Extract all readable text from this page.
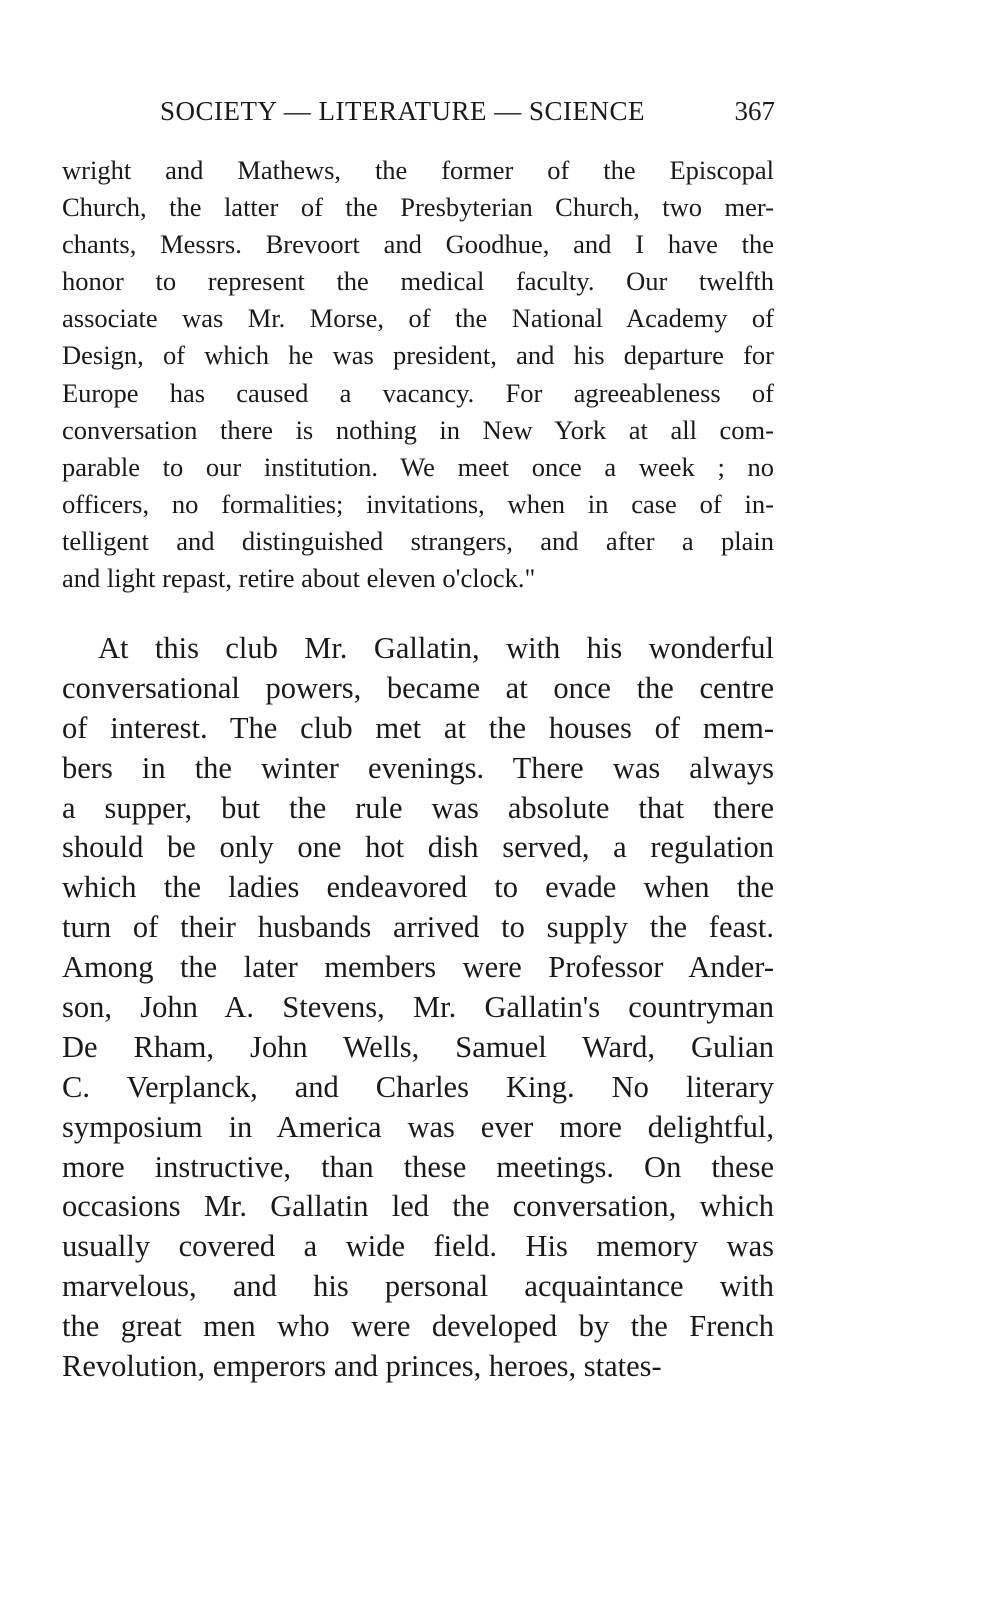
SOCIETY — LITERATURE — SCIENCE	367
wright and Mathews, the former of the Episcopal
Church, the latter of the Presbyterian Church, two mer-
chants, Messrs. Brevoort and Goodhue, and I have the
honor to represent the medical faculty. Our twelfth
associate was Mr. Morse, of the National Academy of
Design, of which he was president, and his departure for
Europe has caused a vacancy. For agreeableness of
conversation there is nothing in New York at all com-
parable to our institution. We meet once a week ; no
officers, no formalities; invitations, when in case of in-
telligent and distinguished strangers, and after a plain
and light repast, retire about eleven o'clock."
At this club Mr. Gallatin, with his wonderful
conversational powers, became at once the centre
of interest. The club met at the houses of mem-
bers in the winter evenings. There was always
a supper, but the rule was absolute that there
should be only one hot dish served, a regulation
which the ladies endeavored to evade when the
turn of their husbands arrived to supply the feast.
Among the later members were Professor Ander-
son, John A. Stevens, Mr. Gallatin's countryman
De Rham, John Wells, Samuel Ward, Gulian
C. Verplanck, and Charles King. No literary
symposium in America was ever more delightful,
more instructive, than these meetings. On these
occasions Mr. Gallatin led the conversation, which
usually covered a wide field. His memory was
marvelous, and his personal acquaintance with
the great men who were developed by the French
Revolution, emperors and princes, heroes, states-
